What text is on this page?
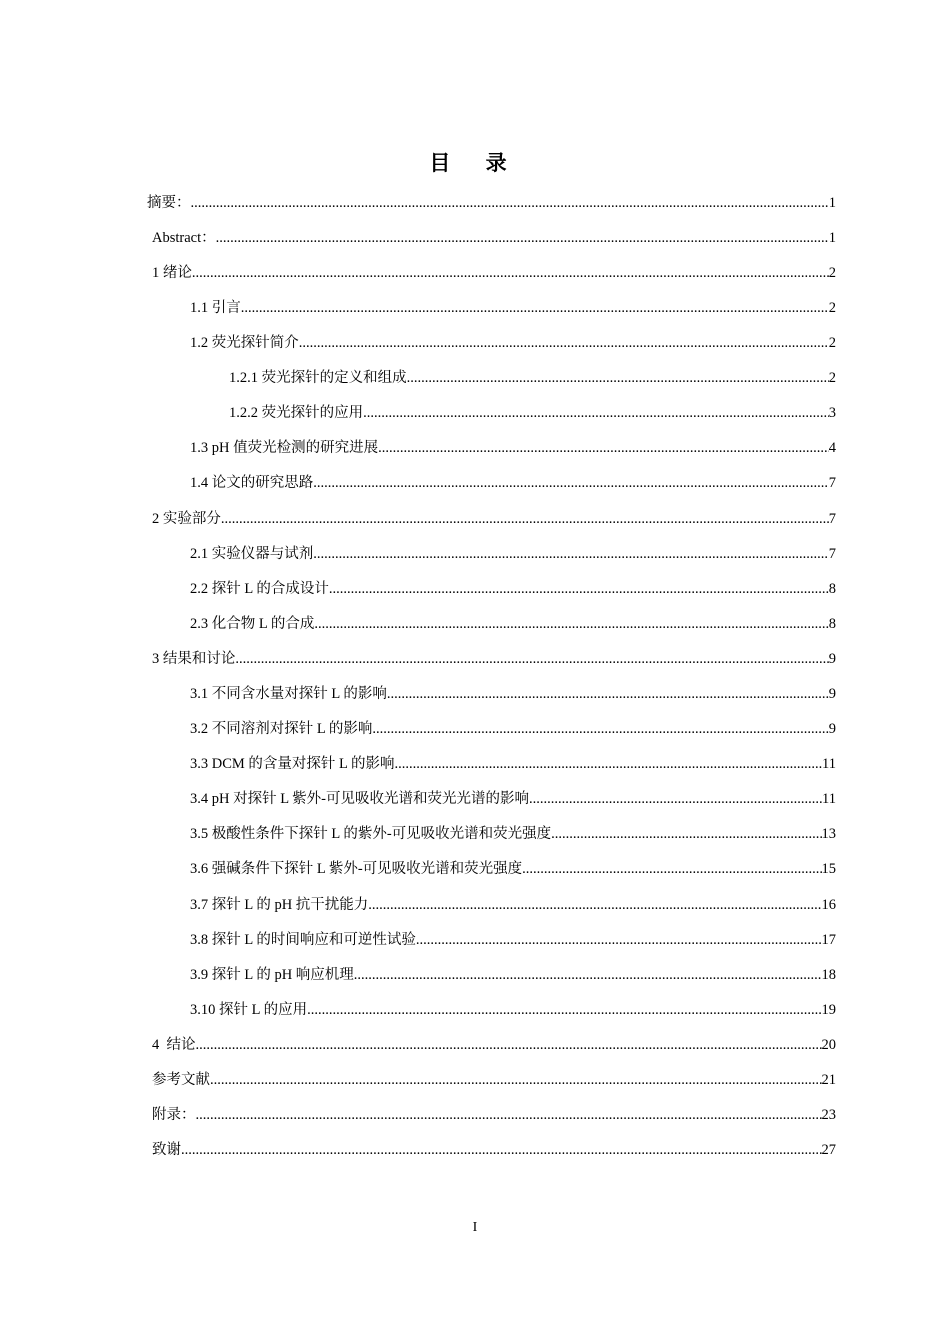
目 录
摘要： .....	1
Abstract： .....	1
1 绪论 .....	2
1.1 引言 .....	2
1.2 荧光探针简介 .....	2
1.2.1 荧光探针的定义和组成 .....	2
1.2.2 荧光探针的应用 .....	3
1.3 pH 值荧光检测的研究进展 .....	4
1.4 论文的研究思路 .....	7
2 实验部分 .....	7
2.1 实验仪器与试剂 .....	7
2.2 探针 L 的合成设计 .....	8
2.3 化合物 L 的合成 .....	8
3 结果和讨论 .....	9
3.1 不同含水量对探针 L 的影响 .....	9
3.2 不同溶剂对探针 L 的影响 .....	9
3.3 DCM 的含量对探针 L 的影响 .....	11
3.4 pH 对探针 L 紫外-可见吸收光谱和荧光光谱的影响 .....	11
3.5 极酸性条件下探针 L 的紫外-可见吸收光谱和荧光强度 .....	13
3.6 强碱条件下探针 L 紫外-可见吸收光谱和荧光强度 .....	15
3.7 探针 L 的 pH 抗干扰能力 .....	16
3.8 探针 L 的时间响应和可逆性试验 .....	17
3.9 探针 L 的 pH 响应机理 .....	18
3.10 探针 L 的应用 .....	19
4  结论 .....	20
参考文献 .....	21
附录： .....	23
致谢 .....	27
I
